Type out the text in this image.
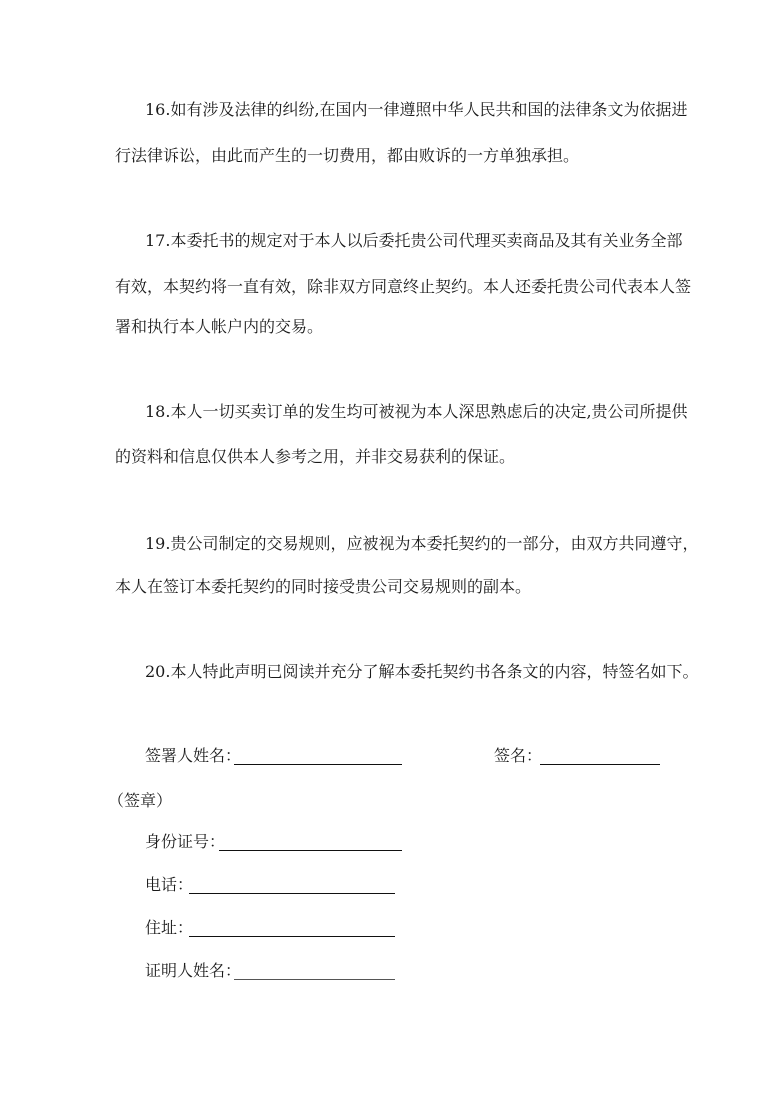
16.如有涉及法律的纠纷,在国内一律遵照中华人民共和国的法律条文为依据进
行法律诉讼，由此而产生的一切费用，都由败诉的一方单独承担。
17.本委托书的规定对于本人以后委托贵公司代理买卖商品及其有关业务全部
有效，本契约将一直有效，除非双方同意终止契约。本人还委托贵公司代表本人签
署和执行本人帐户内的交易。
18.本人一切买卖订单的发生均可被视为本人深思熟虑后的决定,贵公司所提供
的资料和信息仅供本人参考之用，并非交易获利的保证。
19.贵公司制定的交易规则，应被视为本委托契约的一部分，由双方共同遵守，
本人在签订本委托契约的同时接受贵公司交易规则的副本。
20.本人特此声明已阅读并充分了解本委托契约书各条文的内容，特签名如下。
签署人姓名：	签名：
（签章）
身份证号：
电话：
住址：
证明人姓名：
